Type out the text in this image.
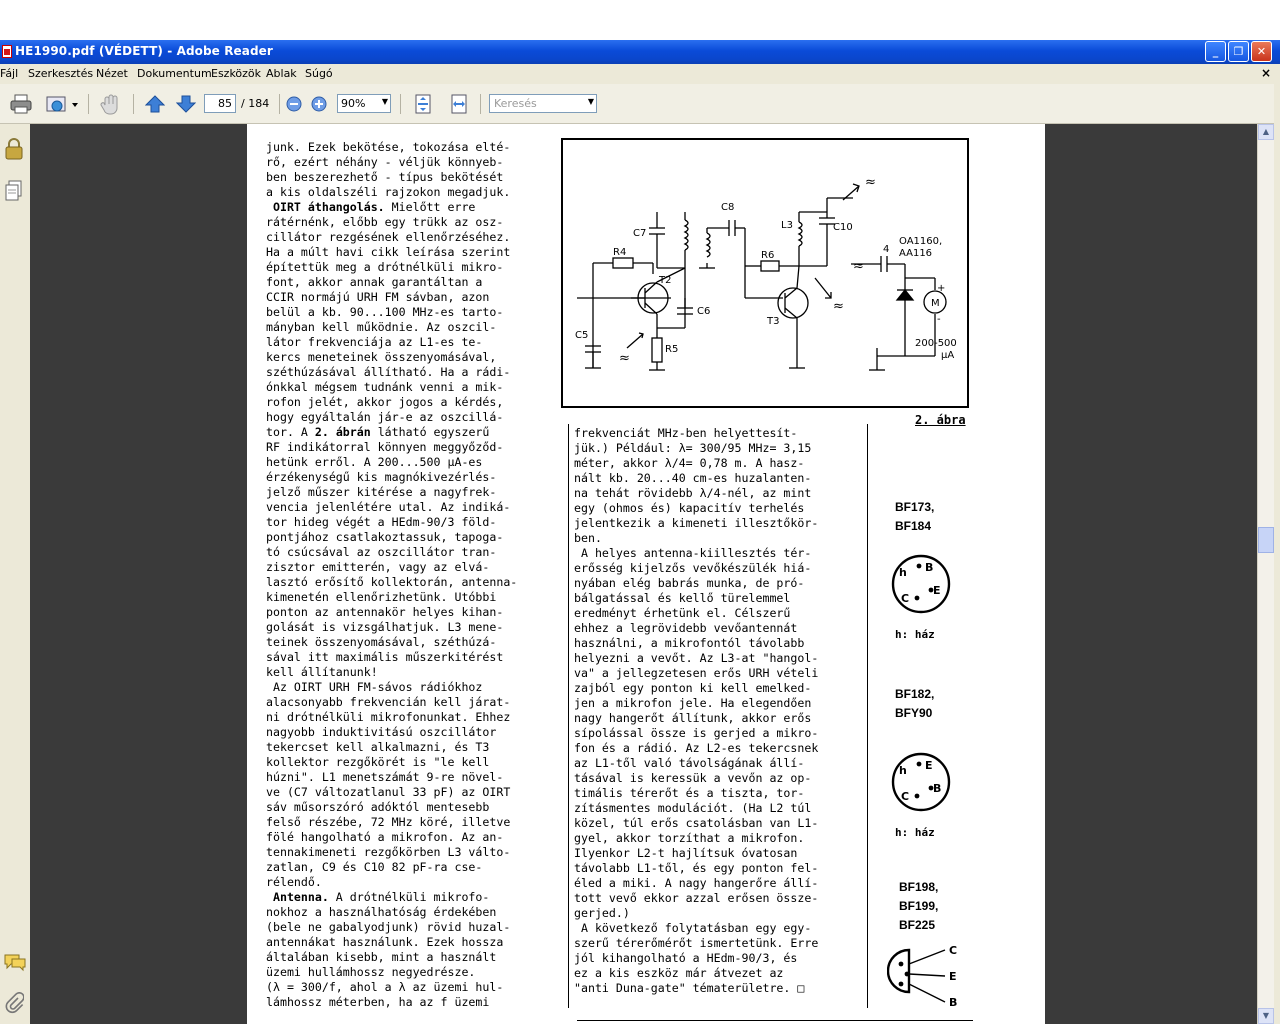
HE1990.pdf (VÉDETT) - Adobe Reader	_	❐	✕
Fájl Szerkesztés Nézet Dokumentum Eszközök Ablak Súgó	×
85 / 184	90% ▼	Keresés	▼
▲
▼
junk. Ezek bekötése, tokozása elté-
rő, ezért néhány - véljük könnyeb-
ben beszerezhető - típus bekötését
a kis oldalszéli rajzokon megadjuk.
OIRT áthangolás. Mielőtt erre
rátérnénk, előbb egy trükk az osz-
cillátor rezgésének ellenőrzéséhez.
Ha a múlt havi cikk leírása szerint
építettük meg a drótnélküli mikro-
font, akkor annak garantáltan a
CCIR normájú URH FM sávban, azon
belül a kb. 90...100 MHz-es tarto-
mányban kell működnie. Az oszcil-
látor frekvenciája az L1-es te-
kercs meneteinek összenyomásával,
széthúzásával állítható. Ha a rádi-
ónkkal mégsem tudnánk venni a mik-
rofon jelét, akkor jogos a kérdés,
hogy egyáltalán jár-e az oszcillá-
tor. A 2. ábrán látható egyszerű
RF indikátorral könnyen meggyőződ-
hetünk erről. A 200...500 µA-es
érzékenységű kis magnókivezérlés-
jelző műszer kitérése a nagyfrek-
vencia jelenlétére utal. Az indiká-
tor hideg végét a HEdm-90/3 föld-
pontjához csatlakoztassuk, tapoga-
tó csúcsával az oszcillátor tran-
zisztor emitterén, vagy az elvá-
lasztó erősítő kollektorán, antenna-
kimenetén ellenőrizhetünk. Utóbbi
ponton az antennakör helyes kihan-
golását is vizsgálhatjuk. L3 mene-
teinek összenyomásával, széthúzá-
sával itt maximális műszerkitérést
kell állítanunk!
Az OIRT URH FM-sávos rádiókhoz
alacsonyabb frekvencián kell járat-
ni drótnélküli mikrofonunkat. Ehhez
nagyobb induktivitású oszcillátor
tekercset kell alkalmazni, és T3
kollektor rezgőkörét is "le kell
húzni". L1 menetszámát 9-re növel-
ve (C7 változatlanul 33 pF) az OIRT
sáv műsorszóró adóktól mentesebb
felső részébe, 72 MHz köré, illetve
fölé hangolható a mikrofon. Az an-
tennakimeneti rezgőkörben L3 válto-
zatlan, C9 és C10 82 pF-ra cse-
rélendő.
Antenna. A drótnélküli mikrofo-
nokhoz a használhatóság érdekében
(bele ne gabalyodjunk) rövid huzal-
antennákat használunk. Ezek hossza
általában kisebb, mint a használt
üzemi hullámhossz negyedrésze.
(λ = 300/f, ahol a λ az üzemi hul-
lámhossz méterben, ha az f üzemi
C7
C8
L3	C10
R4	R6
T2
T3
C6
C5
R5
OA1160,
AA116
4
M
+
-
200-500
µA
≈
≈
≈
≈
2. ábra
frekvenciát MHz-ben helyettesít-
jük.) Például: λ= 300/95 MHz= 3,15
méter, akkor λ/4= 0,78 m. A hasz-
nált kb. 20...40 cm-es huzalanten-
na tehát rövidebb λ/4-nél, az mint
egy (ohmos és) kapacitív terhelés
jelentkezik a kimeneti illesztőkör-
ben.
A helyes antenna-kiillesztés tér-
erősség kijelzős vevőkészülék hiá-
nyában elég babrás munka, de pró-
bálgatással és kellő türelemmel
eredményt érhetünk el. Célszerű
ehhez a legrövidebb vevőantennát
használni, a mikrofontól távolabb
helyezni a vevőt. Az L3-at "hangol-
va" a jellegzetesen erős URH vételi
zajból egy ponton ki kell emelked-
jen a mikrofon jele. Ha elegendően
nagy hangerőt állítunk, akkor erős
sípolással össze is gerjed a mikro-
fon és a rádió. Az L2-es tekercsnek
az L1-től való távolságának állí-
tásával is keressük a vevőn az op-
timális térerőt és a tiszta, tor-
zításmentes modulációt. (Ha L2 túl
közel, túl erős csatolásban van L1-
gyel, akkor torzíthat a mikrofon.
Ilyenkor L2-t hajlítsuk óvatosan
távolabb L1-től, és egy ponton fel-
éled a miki. A nagy hangerőre állí-
tott vevő ekkor azzal erősen össze-
gerjed.)
A következő folytatásban egy egy-
szerű térerőmérőt ismertetünk. Erre
jól kihangolható a HEdm-90/3, és
ez a kis eszköz már átvezet az
"anti Duna-gate" tématerületre. □
BF173,
BF184
h B
C
E
h: ház
BF182,
BFY90
h E
C
B
h: ház
BF198,
BF199,
BF225
C
E
B
